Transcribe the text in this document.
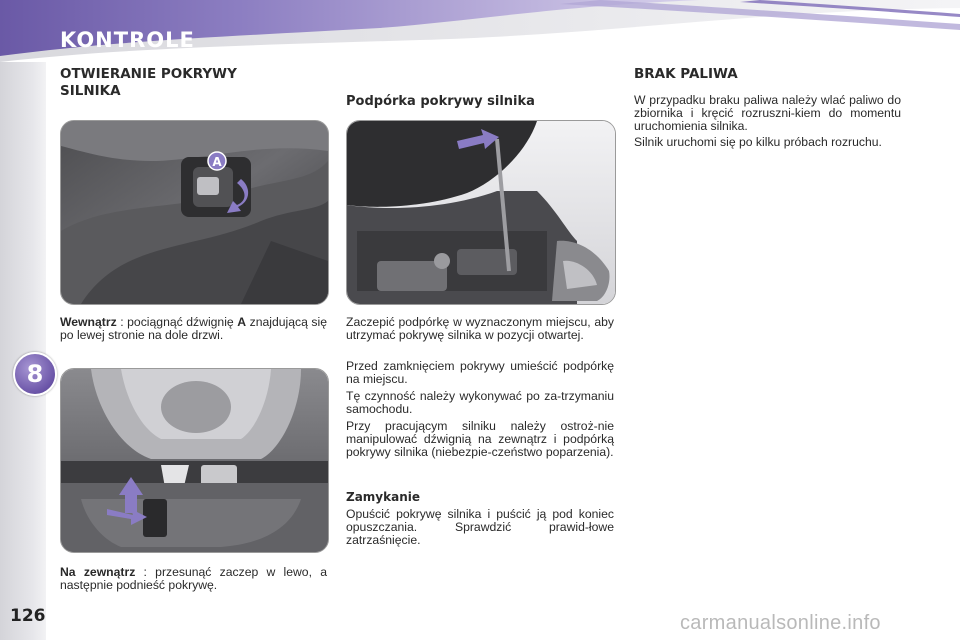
KONTROLE
8
126
OTWIERANIE POKRYWY
SILNIKA
A

Wewnątrz : pociągnąć dźwignię A znajdującą się po lewej stronie na dole drzwi.

Na zewnątrz : przesunąć zaczep w lewo, a następnie podnieść pokrywę.

Podpórka pokrywy silnika

Zaczepić podpórkę w wyznaczonym miejscu, aby utrzymać pokrywę silnika w pozycji otwartej.

Przed zamknięciem pokrywy umieścić podpórkę na miejscu.

Tę czynność należy wykonywać po za-trzymaniu samochodu.

Przy pracującym silniku należy ostroż-nie manipulować dźwignią na zewnątrz i podpórką pokrywy silnika (niebezpie-czeństwo poparzenia).

Zamykanie

Opuścić pokrywę silnika i puścić ją pod koniec opuszczania. Sprawdzić prawid-łowe zatrzaśnięcie.

BRAK PALIWA

W przypadku braku paliwa należy wlać paliwo do zbiornika i kręcić rozruszni-kiem do momentu uruchomienia silnika.

Silnik uruchomi się po kilku próbach rozruchu.

carmanualsonline.info
